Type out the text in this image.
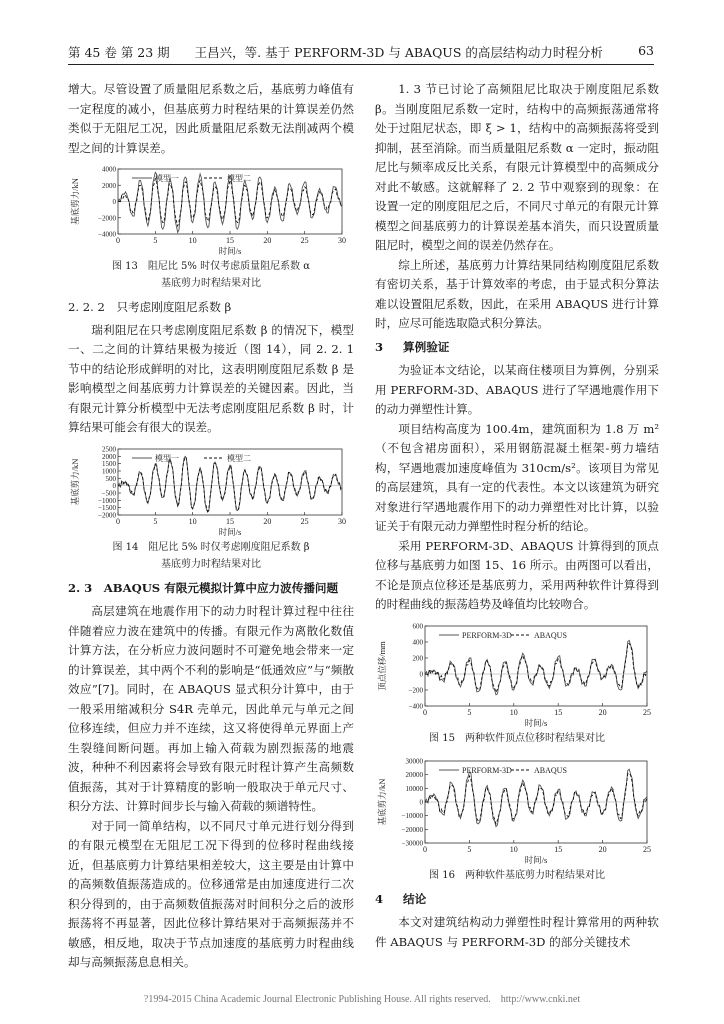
第 45 卷 第 23 期　　王昌兴，等. 基于 PERFORM-3D 与 ABAQUS 的高层结构动力时程分析	63

增大。尽管设置了质量阻尼系数之后，基底剪力峰值有一定程度的减小，但基底剪力时程结果的计算误差仍然类似于无阻尼工况，因此质量阻尼系数无法削减两个模型之间的计算误差。

0	5	10	15	20	25	30
4000
2000
0
−2000
−4000
时间/s
基底剪力/kN	模型一	模型二
图 13　阻尼比 5% 时仅考虑质量阻尼系数 α
基底剪力时程结果对比

2. 2. 2　只考虑刚度阻尼系数 β

瑞利阻尼在只考虑刚度阻尼系数 β 的情况下，模型一、二之间的计算结果极为接近（图 14），同 2. 2. 1 节中的结论形成鲜明的对比，这表明刚度阻尼系数 β 是影响模型之间基底剪力计算误差的关键因素。因此，当有限元计算分析模型中无法考虑刚度阻尼系数 β 时，计算结果可能会有很大的误差。

0	5	10	15	20	25	30
2500
2000
1500
1000
500
0
−500
−1000
−1500
−2000
时间/s
基底剪力/kN
模型一	模型二
图 14　阻尼比 5% 时仅考虑刚度阻尼系数 β
基底剪力时程结果对比

2. 3　ABAQUS 有限元模拟计算中应力波传播问题

高层建筑在地震作用下的动力时程计算过程中往往伴随着应力波在建筑中的传播。有限元作为离散化数值计算方法，在分析应力波问题时不可避免地会带来一定的计算误差，其中两个不利的影响是“低通效应”与“频散效应”[7]。同时，在 ABAQUS 显式积分计算中，由于一般采用缩减积分 S4R 壳单元，因此单元与单元之间位移连续，但应力并不连续，这又将使得单元界面上产生裂缝间断问题。再加上输入荷载为剧烈振荡的地震波，种种不利因素将会导致有限元时程计算产生高频数值振荡，其对于计算精度的影响一般取决于单元尺寸、积分方法、计算时间步长与输入荷载的频谱特性。

对于同一简单结构，以不同尺寸单元进行划分得到的有限元模型在无阻尼工况下得到的位移时程曲线接近，但基底剪力计算结果相差较大，这主要是由计算中的高频数值振荡造成的。位移通常是由加速度进行二次积分得到的，由于高频数值振荡对时间积分之后的波形振荡将不再显著，因此位移计算结果对于高频振荡并不敏感，相反地，取决于节点加速度的基底剪力时程曲线却与高频振荡息息相关。

1. 3 节已讨论了高频阻尼比取决于刚度阻尼系数 β。当刚度阻尼系数一定时，结构中的高频振荡通常将处于过阻尼状态，即 ξ > 1，结构中的高频振荡将受到抑制，甚至消除。而当质量阻尼系数 α 一定时，振动阻尼比与频率成反比关系，有限元计算模型中的高频成分对此不敏感。这就解释了 2. 2 节中观察到的现象：在设置一定的刚度阻尼之后，不同尺寸单元的有限元计算模型之间基底剪力的计算误差基本消失，而只设置质量阻尼时，模型之间的误差仍然存在。

综上所述，基底剪力计算结果同结构刚度阻尼系数有密切关系，基于计算效率的考虑，由于显式积分算法难以设置阻尼系数，因此，在采用 ABAQUS 进行计算时，应尽可能选取隐式积分算法。

3 算例验证

为验证本文结论，以某商住楼项目为算例，分别采用 PERFORM-3D、ABAQUS 进行了罕遇地震作用下的动力弹塑性计算。

项目结构高度为 100.4m，建筑面积为 1.8 万 m²（不包含裙房面积），采用钢筋混凝土框架-剪力墙结构，罕遇地震加速度峰值为 310cm/s²。该项目为常见的高层建筑，具有一定的代表性。本文以该建筑为研究对象进行罕遇地震作用下的动力弹塑性对比计算，以验证关于有限元动力弹塑性时程分析的结论。

采用 PERFORM-3D、ABAQUS 计算得到的顶点位移与基底剪力如图 15、16 所示。由两图可以看出，不论是顶点位移还是基底剪力，采用两种软件计算得到的时程曲线的振荡趋势及峰值均比较吻合。

0	5	10	15	20	25
600
400
200
0
−200
−400
时间/s
顶点位移/mm
PERFORM-3D	ABAQUS
图 15　两种软件顶点位移时程结果对比
0	5	10	15	20	25
30000
20000
10000
0
−10000
−20000
−30000
时间/s
基底剪力/kN
PERFORM-3D	ABAQUS
图 16　两种软件基底剪力时程结果对比

4 结论

本文对建筑结构动力弹塑性时程计算常用的两种软件 ABAQUS 与 PERFORM-3D 的部分关键技术

?1994-2015 China Academic Journal Electronic Publishing House. All rights reserved.　http://www.cnki.net
